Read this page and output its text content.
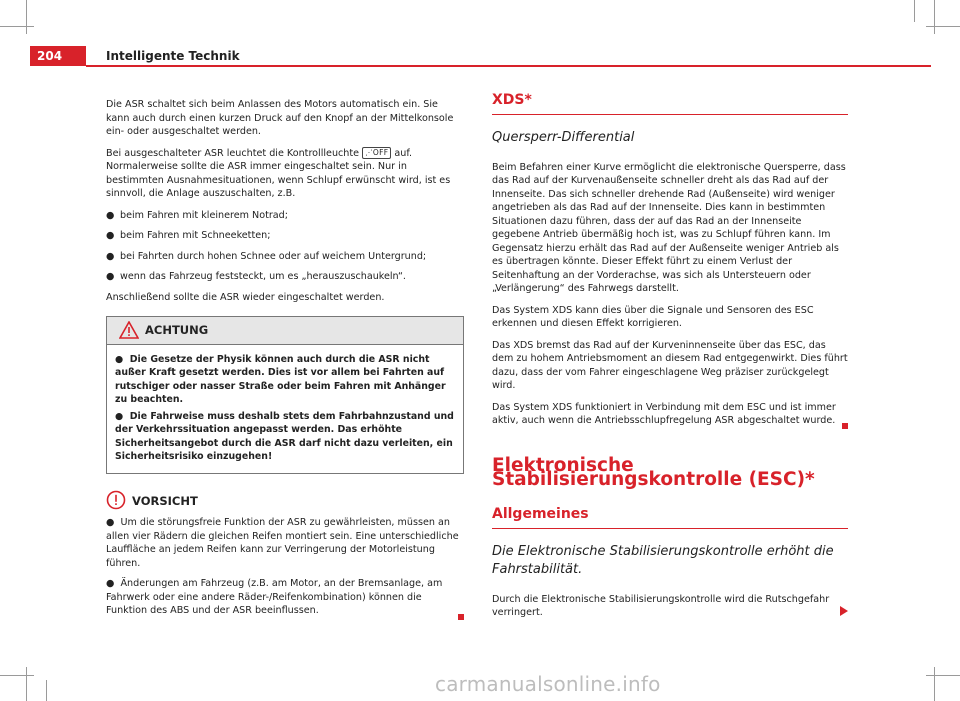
204	Intelligente Technik
Die ASR schaltet sich beim Anlassen des Motors automatisch ein. Sie kann auch durch einen kurzen Druck auf den Knopf an der Mittelkonsole ein- oder ausgeschaltet werden.
Bei ausgeschalteter ASR leuchtet die Kontrollleuchte ⋰OFF auf. Normalerweise sollte die ASR immer eingeschaltet sein. Nur in bestimmten Ausnahmesituationen, wenn Schlupf erwünscht wird, ist es sinnvoll, die Anlage auszuschalten, z.B.
● beim Fahren mit kleinerem Notrad;
● beim Fahren mit Schneeketten;
● bei Fahrten durch hohen Schnee oder auf weichem Untergrund;
● wenn das Fahrzeug feststeckt, um es „herauszuschaukeln“.
Anschließend sollte die ASR wieder eingeschaltet werden.
ACHTUNG
●  Die Gesetze der Physik können auch durch die ASR nicht außer Kraft gesetzt werden. Dies ist vor allem bei Fahrten auf rutschiger oder nasser Straße oder beim Fahren mit Anhänger zu beachten.
●  Die Fahrweise muss deshalb stets dem Fahrbahnzustand und der Verkehrssituation angepasst werden. Das erhöhte Sicherheitsangebot durch die ASR darf nicht dazu verleiten, ein Sicherheitsrisiko einzugehen!
VORSICHT
●  Um die störungsfreie Funktion der ASR zu gewährleisten, müssen an allen vier Rädern die gleichen Reifen montiert sein. Eine unterschiedliche Lauffläche an jedem Reifen kann zur Verringerung der Motorleistung führen.
●  Änderungen am Fahrzeug (z.B. am Motor, an der Bremsanlage, am Fahrwerk oder eine andere Räder-/Reifenkombination) können die Funktion des ABS und der ASR beeinflussen.
XDS*
Quersperr-Differential
Beim Befahren einer Kurve ermöglicht die elektronische Quersperre, dass das Rad auf der Kurvenaußenseite schneller dreht als das Rad auf der Innenseite. Das sich schneller drehende Rad (Außenseite) wird weniger angetrieben als das Rad auf der Innenseite. Dies kann in bestimmten Situationen dazu führen, dass der auf das Rad an der Innenseite gegebene Antrieb übermäßig hoch ist, was zu Schlupf führen kann. Im Gegensatz hierzu erhält das Rad auf der Außenseite weniger Antrieb als es übertragen könnte. Dieser Effekt führt zu einem Verlust der Seitenhaftung an der Vorderachse, was sich als Untersteuern oder „Verlängerung“ des Fahrwegs darstellt.
Das System XDS kann dies über die Signale und Sensoren des ESC erkennen und diesen Effekt korrigieren.
Das XDS bremst das Rad auf der Kurveninnenseite über das ESC, das dem zu hohem Antriebsmoment an diesem Rad entgegenwirkt. Dies führt dazu, dass der vom Fahrer eingeschlagene Weg präziser zurückgelegt wird.
Das System XDS funktioniert in Verbindung mit dem ESC und ist immer aktiv, auch wenn die Antriebsschlupfregelung ASR abgeschaltet wurde.
Elektronische Stabilisierungskontrolle (ESC)*
Allgemeines
Die Elektronische Stabilisierungskontrolle erhöht die Fahrstabilität.
Durch die Elektronische Stabilisierungskontrolle wird die Rutschgefahr verringert.
carmanualsonline.info
